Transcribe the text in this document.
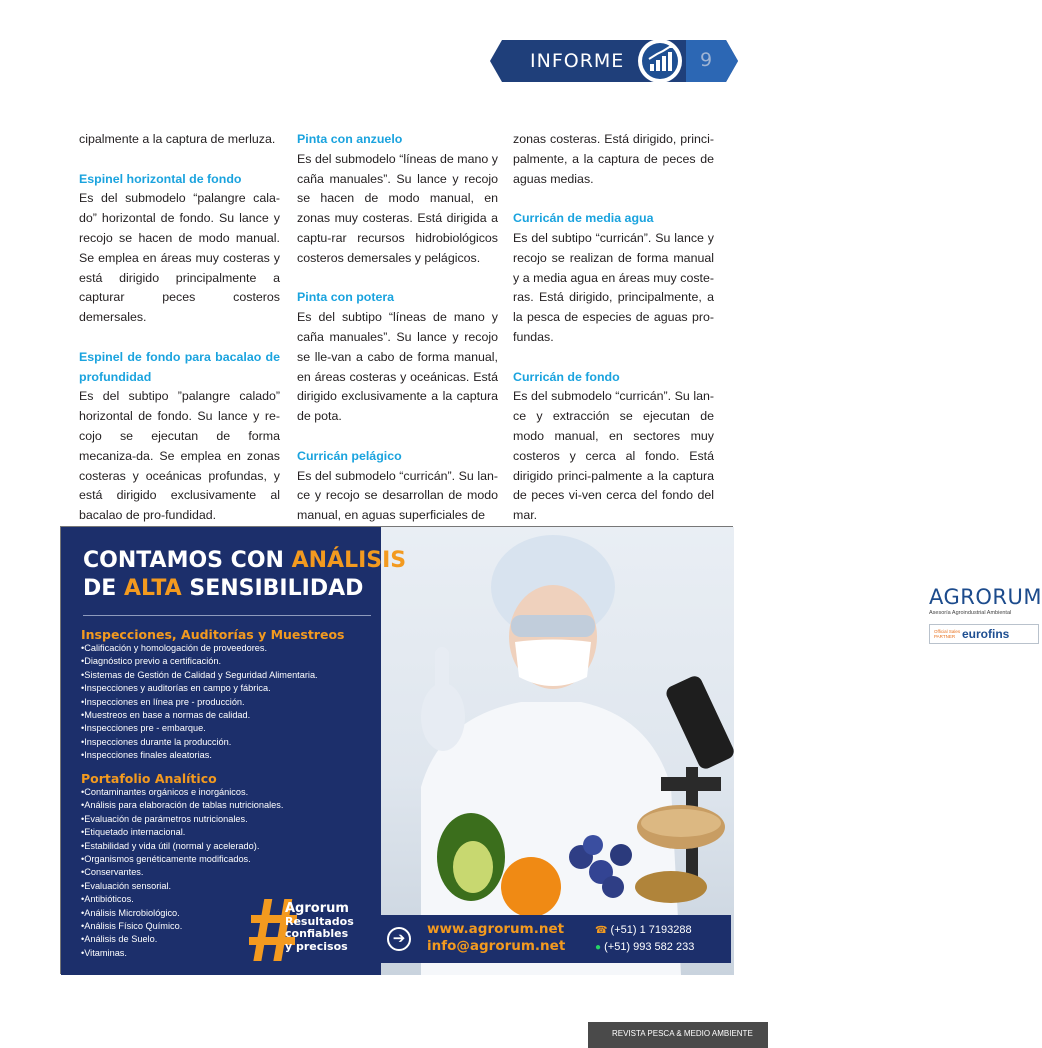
INFORME	9

cipalmente a la captura de merluza.

Espinel horizontal de fondo

Es del submodelo “palangre cala-do” horizontal de fondo. Su lance y recojo se hacen de modo manual. Se emplea en áreas muy costeras y está dirigido principalmente a capturar peces costeros demersales.

Espinel de fondo para bacalao de profundidad

Es del subtipo ”palangre calado” horizontal de fondo. Su lance y re-cojo se ejecutan de forma mecaniza-da. Se emplea en zonas costeras y oceánicas profundas, y está dirigido exclusivamente al bacalao de pro-fundidad.

Pinta con anzuelo

Es del submodelo “líneas de mano y caña manuales”. Su lance y recojo se hacen de modo manual, en zonas muy costeras. Está dirigida a captu-rar recursos hidrobiológicos costeros demersales y pelágicos.

Pinta con potera

Es del subtipo “líneas de mano y caña manuales”. Su lance y recojo se lle-van a cabo de forma manual, en áreas costeras y oceánicas. Está dirigido exclusivamente a la captura de pota.

Curricán pelágico

Es del submodelo “curricán”. Su lan-ce y recojo se desarrollan de modo manual, en aguas superficiales de

zonas costeras. Está dirigido, princi-palmente, a la captura de peces de aguas medias.

Curricán de media agua

Es del subtipo “curricán”. Su lance y recojo se realizan de forma manual y a media agua en áreas muy coste-ras. Está dirigido, principalmente, a la pesca de especies de aguas pro-fundas.

Curricán de fondo

Es del submodelo “curricán”. Su lan-ce y extracción se ejecutan de modo manual, en sectores muy costeros y cerca al fondo. Está dirigido princi-palmente a la captura de peces vi-ven cerca del fondo del mar.

AGRORUM
Asesoría Agroindustrial Ambiental
Official Sales PARTNER eurofins
CONTAMOS CON ANÁLISIS
DE ALTA SENSIBILIDAD
Inspecciones, Auditorías y Muestreos
• Calificación y homologación de proveedores.
• Diagnóstico previo a certificación.
• Sistemas de Gestión de Calidad y Seguridad Alimentaria.
• Inspecciones y auditorías en campo y fábrica.
• Inspecciones en línea pre - producción.
• Muestreos en base a normas de calidad.
• Inspecciones pre - embarque.
• Inspecciones durante la producción.
• Inspecciones finales aleatorias.
Portafolio Analítico
• Contaminantes orgánicos e inorgánicos.
• Análisis para elaboración de tablas nutricionales.
• Evaluación de parámetros nutricionales.
• Etiquetado internacional.
• Estabilidad y vida útil (normal y acelerado).
• Organismos genéticamente modificados.
• Conservantes.
• Evaluación sensorial.
• Antibióticos.
• Análisis Microbiológico.
• Análisis Físico Químico.
• Análisis de Suelo.
• Vitaminas.
Agrorum
Resultados
confiables
y precisos	➔
www.agrorum.net
info@agrorum.net
☎ (+51) 1 7193288
● (+51) 993 582 233
REVISTA PESCA & MEDIO AMBIENTE
